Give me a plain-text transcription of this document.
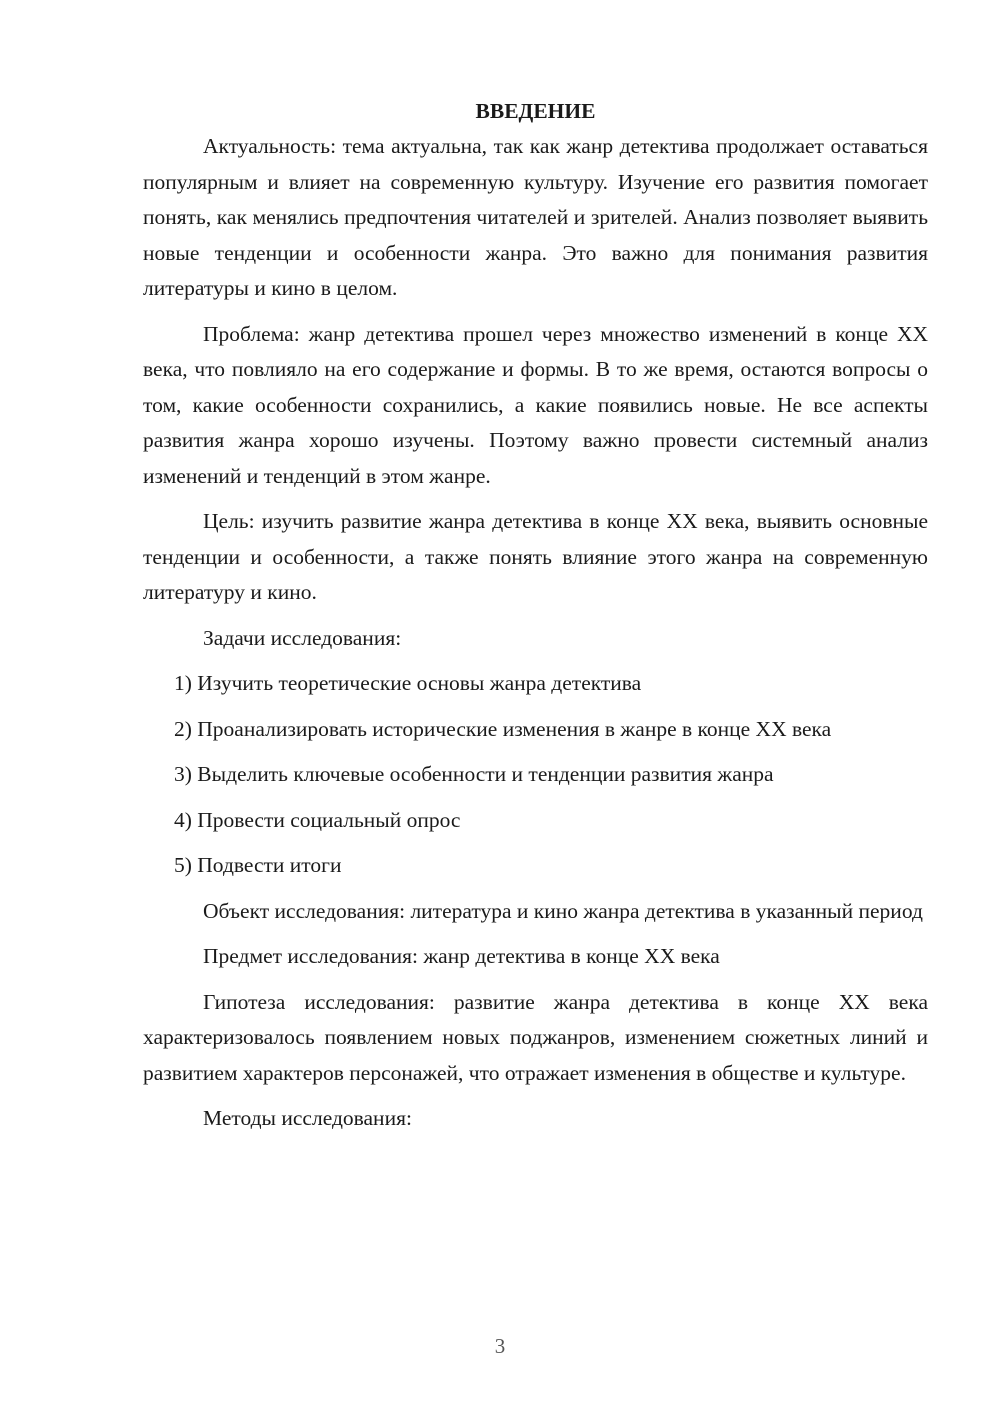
ВВЕДЕНИЕ

Актуальность: тема актуальна, так как жанр детектива продолжает оставаться популярным и влияет на современную культуру. Изучение его развития помогает понять, как менялись предпочтения читателей и зрителей. Анализ позволяет выявить новые тенденции и особенности жанра. Это важно для понимания развития литературы и кино в целом.

Проблема: жанр детектива прошел через множество изменений в конце XX века, что повлияло на его содержание и формы. В то же время, остаются вопросы о том, какие особенности сохранились, а какие появились новые. Не все аспекты развития жанра хорошо изучены. Поэтому важно провести системный анализ изменений и тенденций в этом жанре.

Цель: изучить развитие жанра детектива в конце XX века, выявить основные тенденции и особенности, а также понять влияние этого жанра на современную литературу и кино.

Задачи исследования:

1) Изучить теоретические основы жанра детектива

2) Проанализировать исторические изменения в жанре в конце XX века

3) Выделить ключевые особенности и тенденции развития жанра

4) Провести социальный опрос

5) Подвести итоги

Объект исследования: литература и кино жанра детектива в указанный период

Предмет исследования: жанр детектива в конце XX века

Гипотеза исследования: развитие жанра детектива в конце XX века характеризовалось появлением новых поджанров, изменением сюжетных линий и развитием характеров персонажей, что отражает изменения в обществе и культуре.

Методы исследования:

3
